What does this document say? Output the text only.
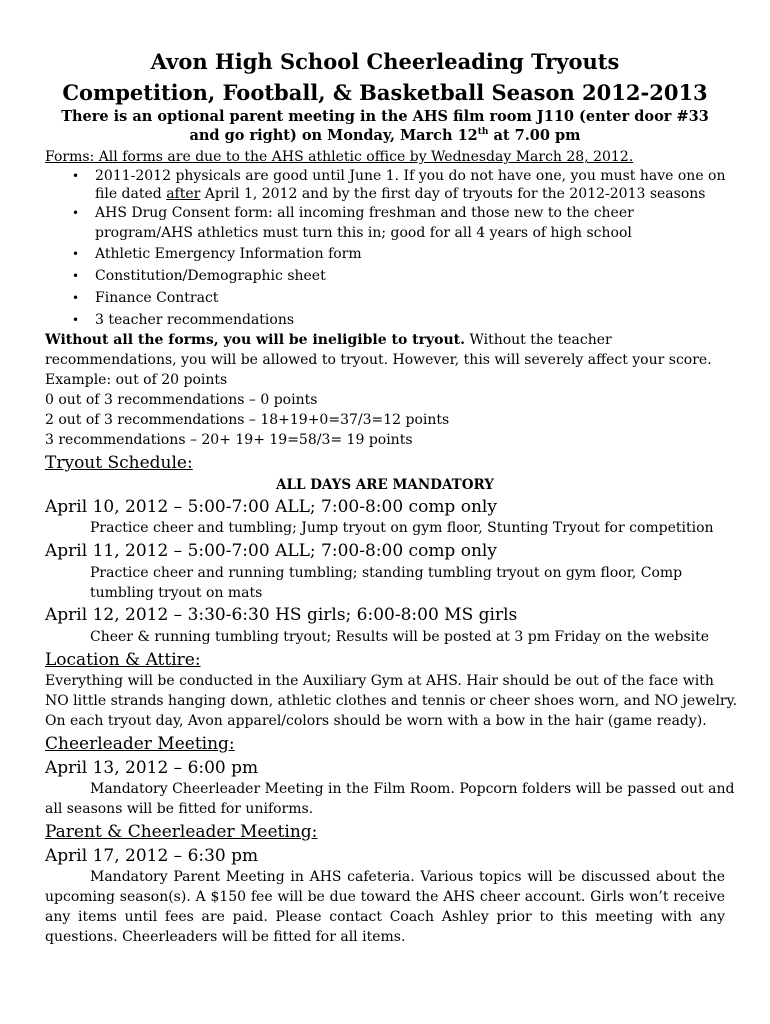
Avon High School Cheerleading Tryouts
Competition, Football, & Basketball Season 2012-2013
There is an optional parent meeting in the AHS film room J110 (enter door #33 and go right) on Monday, March 12th at 7.00 pm
Forms: All forms are due to the AHS athletic office by Wednesday March 28, 2012.
• 2011-2012 physicals are good until June 1. If you do not have one, you must have one on
file dated after April 1, 2012 and by the first day of tryouts for the 2012-2013 seasons
• AHS Drug Consent form: all incoming freshman and those new to the cheer
program/AHS athletics must turn this in; good for all 4 years of high school
• Athletic Emergency Information form
• Constitution/Demographic sheet
• Finance Contract
• 3 teacher recommendations
Without all the forms, you will be ineligible to tryout. Without the teacher
recommendations, you will be allowed to tryout. However, this will severely affect your score.
Example: out of 20 points
0 out of 3 recommendations – 0 points
2 out of 3 recommendations – 18+19+0=37/3=12 points
3 recommendations – 20+ 19+ 19=58/3= 19 points
Tryout Schedule:
ALL DAYS ARE MANDATORY
April 10, 2012 – 5:00-7:00 ALL; 7:00-8:00 comp only
Practice cheer and tumbling; Jump tryout on gym floor, Stunting Tryout for competition
April 11, 2012 – 5:00-7:00 ALL; 7:00-8:00 comp only
Practice cheer and running tumbling; standing tumbling tryout on gym floor, Comp
tumbling tryout on mats
April 12, 2012 – 3:30-6:30 HS girls; 6:00-8:00 MS girls
Cheer & running tumbling tryout; Results will be posted at 3 pm Friday on the website
Location & Attire:
Everything will be conducted in the Auxiliary Gym at AHS. Hair should be out of the face with
NO little strands hanging down, athletic clothes and tennis or cheer shoes worn, and NO jewelry.
On each tryout day, Avon apparel/colors should be worn with a bow in the hair (game ready).
Cheerleader Meeting:
April 13, 2012 – 6:00 pm
Mandatory Cheerleader Meeting in the Film Room. Popcorn folders will be passed out and
all seasons will be fitted for uniforms.
Parent & Cheerleader Meeting:
April 17, 2012 – 6:30 pm
Mandatory Parent Meeting in AHS cafeteria. Various topics will be discussed about the upcoming season(s). A $150 fee will be due toward the AHS cheer account. Girls won’t receive any items until fees are paid. Please contact Coach Ashley prior to this meeting with any questions. Cheerleaders will be fitted for all items.
